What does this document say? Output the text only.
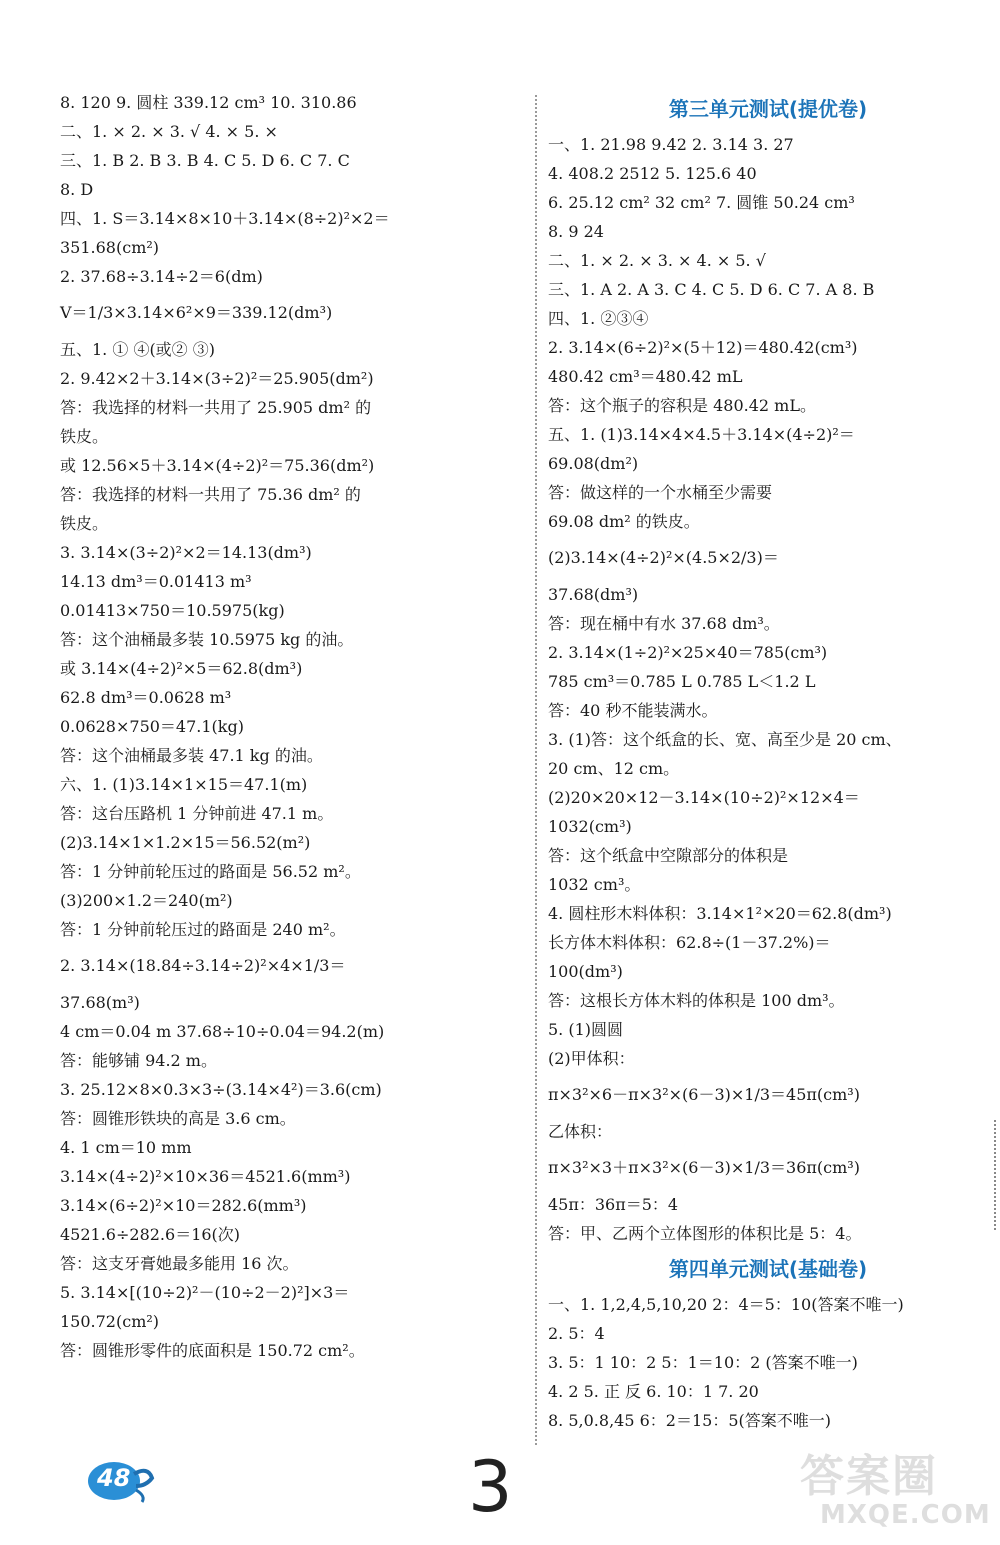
8. 120 9. 圆柱 339.12 cm³ 10. 310.86
二、1. × 2. × 3. √ 4. × 5. ×
三、1. B 2. B 3. B 4. C 5. D 6. C 7. C
8. D
四、1. S＝3.14×8×10＋3.14×(8÷2)²×2＝
351.68(cm²)
2. 37.68÷3.14÷2＝6(dm)
V＝1/3×3.14×6²×9＝339.12(dm³)
五、1. ① ④(或② ③)
2. 9.42×2＋3.14×(3÷2)²＝25.905(dm²)
答：我选择的材料一共用了 25.905 dm² 的
铁皮。
或 12.56×5＋3.14×(4÷2)²＝75.36(dm²)
答：我选择的材料一共用了 75.36 dm² 的
铁皮。
3. 3.14×(3÷2)²×2＝14.13(dm³)
14.13 dm³＝0.01413 m³
0.01413×750＝10.5975(kg)
答：这个油桶最多装 10.5975 kg 的油。
或 3.14×(4÷2)²×5＝62.8(dm³)
62.8 dm³＝0.0628 m³
0.0628×750＝47.1(kg)
答：这个油桶最多装 47.1 kg 的油。
六、1. (1)3.14×1×15＝47.1(m)
答：这台压路机 1 分钟前进 47.1 m。
(2)3.14×1×1.2×15＝56.52(m²)
答：1 分钟前轮压过的路面是 56.52 m²。
(3)200×1.2＝240(m²)
答：1 分钟前轮压过的路面是 240 m²。
2. 3.14×(18.84÷3.14÷2)²×4×1/3＝
37.68(m³)
4 cm＝0.04 m 37.68÷10÷0.04＝94.2(m)
答：能够铺 94.2 m。
3. 25.12×8×0.3×3÷(3.14×4²)＝3.6(cm)
答：圆锥形铁块的高是 3.6 cm。
4. 1 cm＝10 mm
3.14×(4÷2)²×10×36＝4521.6(mm³)
3.14×(6÷2)²×10＝282.6(mm³)
4521.6÷282.6＝16(次)
答：这支牙膏她最多能用 16 次。
5. 3.14×[(10÷2)²－(10÷2－2)²]×3＝
150.72(cm²)
答：圆锥形零件的底面积是 150.72 cm²。
第三单元测试(提优卷)
一、1. 21.98 9.42 2. 3.14 3. 27
4. 408.2 2512 5. 125.6 40
6. 25.12 cm² 32 cm² 7. 圆锥 50.24 cm³
8. 9 24
二、1. × 2. × 3. × 4. × 5. √
三、1. A 2. A 3. C 4. C 5. D 6. C 7. A 8. B
四、1. ②③④
2. 3.14×(6÷2)²×(5＋12)＝480.42(cm³)
480.42 cm³＝480.42 mL
答：这个瓶子的容积是 480.42 mL。
五、1. (1)3.14×4×4.5＋3.14×(4÷2)²＝
69.08(dm²)
答：做这样的一个水桶至少需要
69.08 dm² 的铁皮。
(2)3.14×(4÷2)²×(4.5×2/3)＝
37.68(dm³)
答：现在桶中有水 37.68 dm³。
2. 3.14×(1÷2)²×25×40＝785(cm³)
785 cm³＝0.785 L 0.785 L＜1.2 L
答：40 秒不能装满水。
3. (1)答：这个纸盒的长、宽、高至少是 20 cm、
20 cm、12 cm。
(2)20×20×12－3.14×(10÷2)²×12×4＝
1032(cm³)
答：这个纸盒中空隙部分的体积是
1032 cm³。
4. 圆柱形木料体积：3.14×1²×20＝62.8(dm³)
长方体木料体积：62.8÷(1－37.2%)＝
100(dm³)
答：这根长方体木料的体积是 100 dm³。
5. (1)圆圆
(2)甲体积：
π×3²×6－π×3²×(6－3)×1/3＝45π(cm³)
乙体积：
π×3²×3＋π×3²×(6－3)×1/3＝36π(cm³)
45π：36π＝5：4
答：甲、乙两个立体图形的体积比是 5：4。
第四单元测试(基础卷)
一、1. 1,2,4,5,10,20 2：4＝5：10(答案不唯一)
2. 5：4
3. 5：1 10：2 5：1＝10：2 (答案不唯一)
4. 2 5. 正 反 6. 10：1 7. 20
8. 5,0.8,45 6：2＝15：5(答案不唯一)
48	3	答案圈
MXQE.COM
